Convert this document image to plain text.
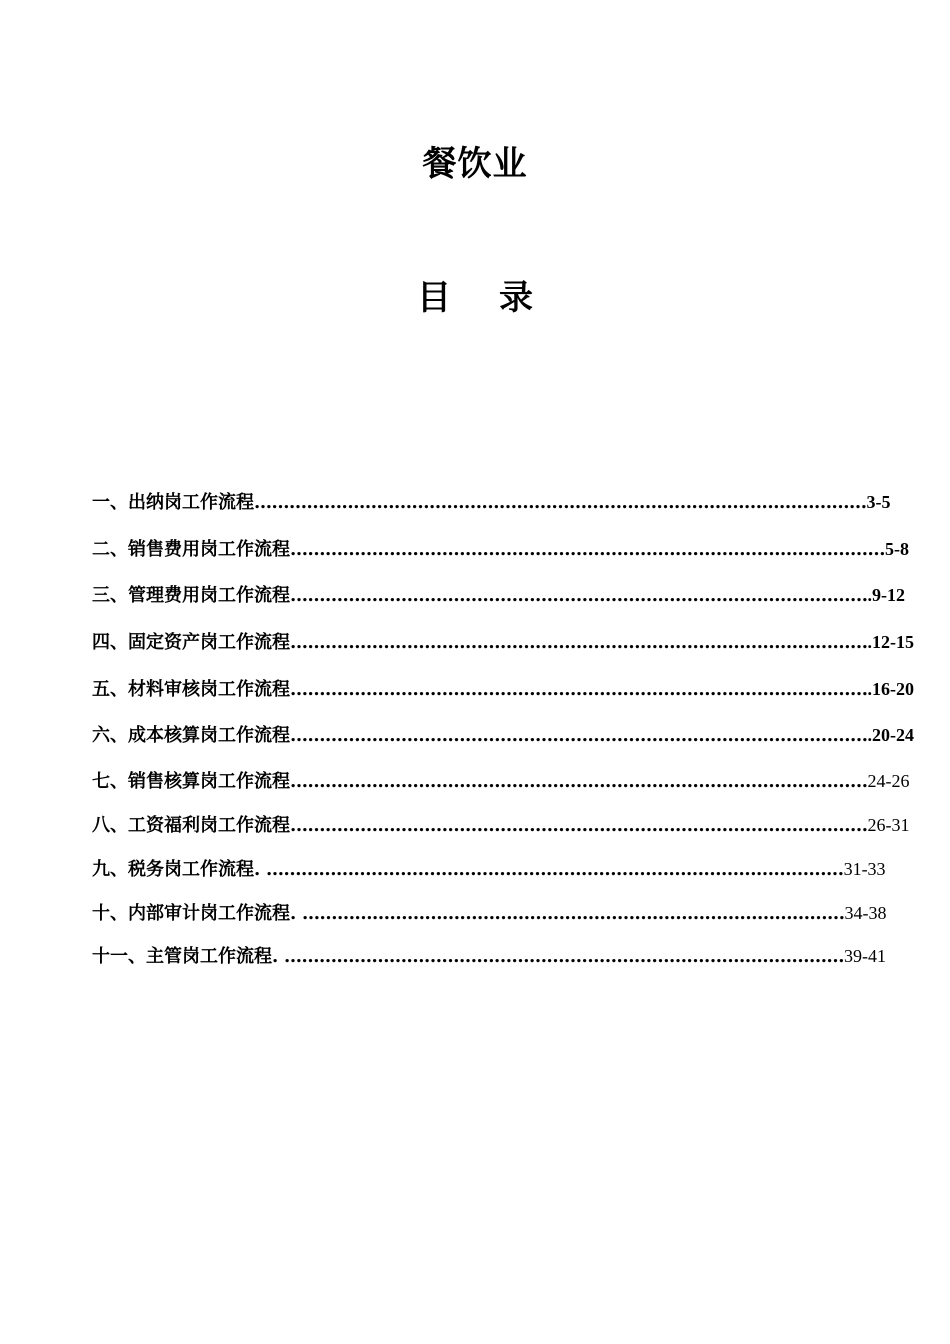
餐饮业
目 录
一、出纳岗工作流程……………………………………………………………………………………………3-5
二、销售费用岗工作流程…………………………………………………………………………………………5-8
三、管理费用岗工作流程……………………………………………………………………………………….9-12
四、固定资产岗工作流程……………………………………………………………………………………….12-15
五、材料审核岗工作流程……………………………………………………………………………………….16-20
六、成本核算岗工作流程……………………………………………………………………………………….20-24
七、销售核算岗工作流程………………………………………………………………………………………24-26
八、工资福利岗工作流程………………………………………………………………………………………26-31
九、税务岗工作流程. ………………………………………………………………………………………31-33
十、内部审计岗工作流程. …………………………………………………………………………………34-38
十一、主管岗工作流程. ……………………………………………………………………………………39-41
